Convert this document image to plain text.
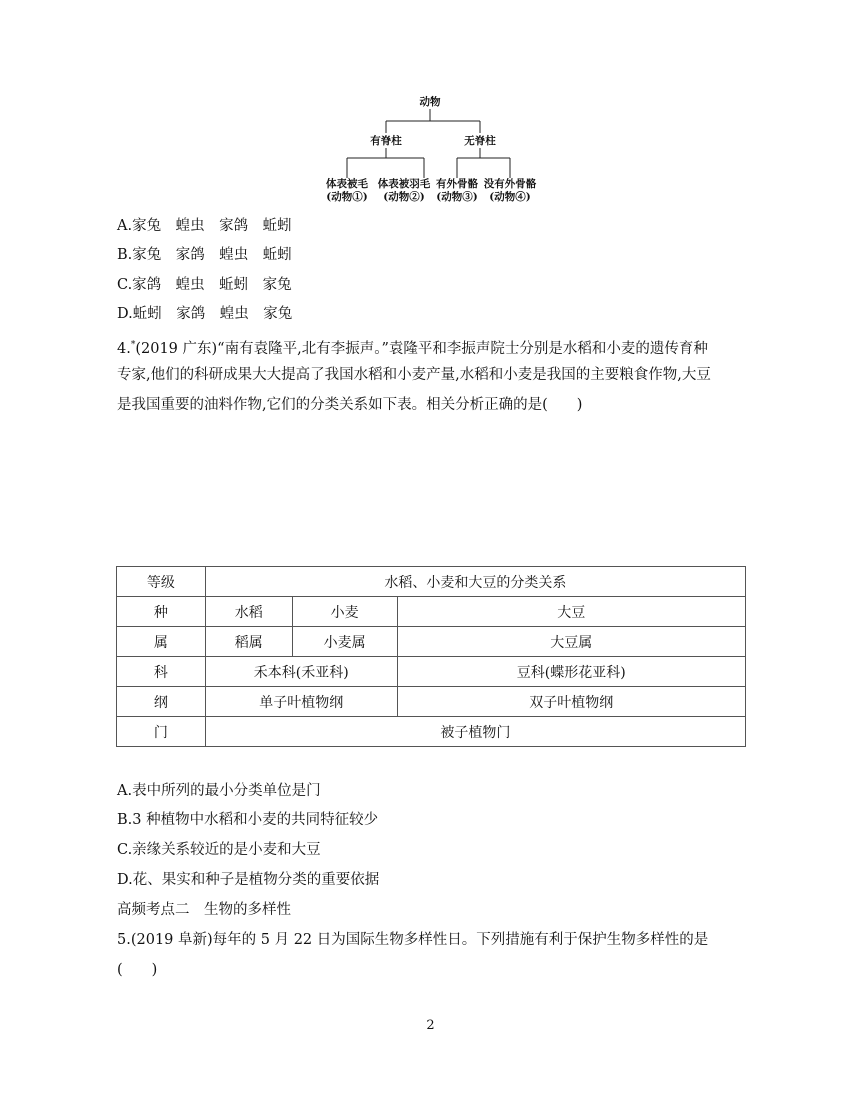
动物
有脊柱	无脊柱
体表被毛
(动物①)
体表被羽毛
(动物②)
有外骨骼
(动物③)
没有外骨骼
(动物④)
A.家兔　蝗虫　家鸽　蚯蚓
B.家兔　家鸽　蝗虫　蚯蚓
C.家鸽　蝗虫　蚯蚓　家兔
D.蚯蚓　家鸽　蝗虫　家兔
4.*(2019 广东)“南有袁隆平,北有李振声。”袁隆平和李振声院士分别是水稻和小麦的遗传育种
专家,他们的科研成果大大提高了我国水稻和小麦产量,水稻和小麦是我国的主要粮食作物,大豆
是我国重要的油料作物,它们的分类关系如下表。相关分析正确的是(　　)
等级	水稻、小麦和大豆的分类关系		
种	水稻	小麦	大豆
属	稻属	小麦属	大豆属
科	禾本科(禾亚科)		豆科(蝶形花亚科)
纲	单子叶植物纲		双子叶植物纲
门	被子植物门		
A.表中所列的最小分类单位是门
B.3 种植物中水稻和小麦的共同特征较少
C.亲缘关系较近的是小麦和大豆
D.花、果实和种子是植物分类的重要依据
高频考点二　生物的多样性
5.(2019 阜新)每年的 5 月 22 日为国际生物多样性日。下列措施有利于保护生物多样性的是
(　　)
2
